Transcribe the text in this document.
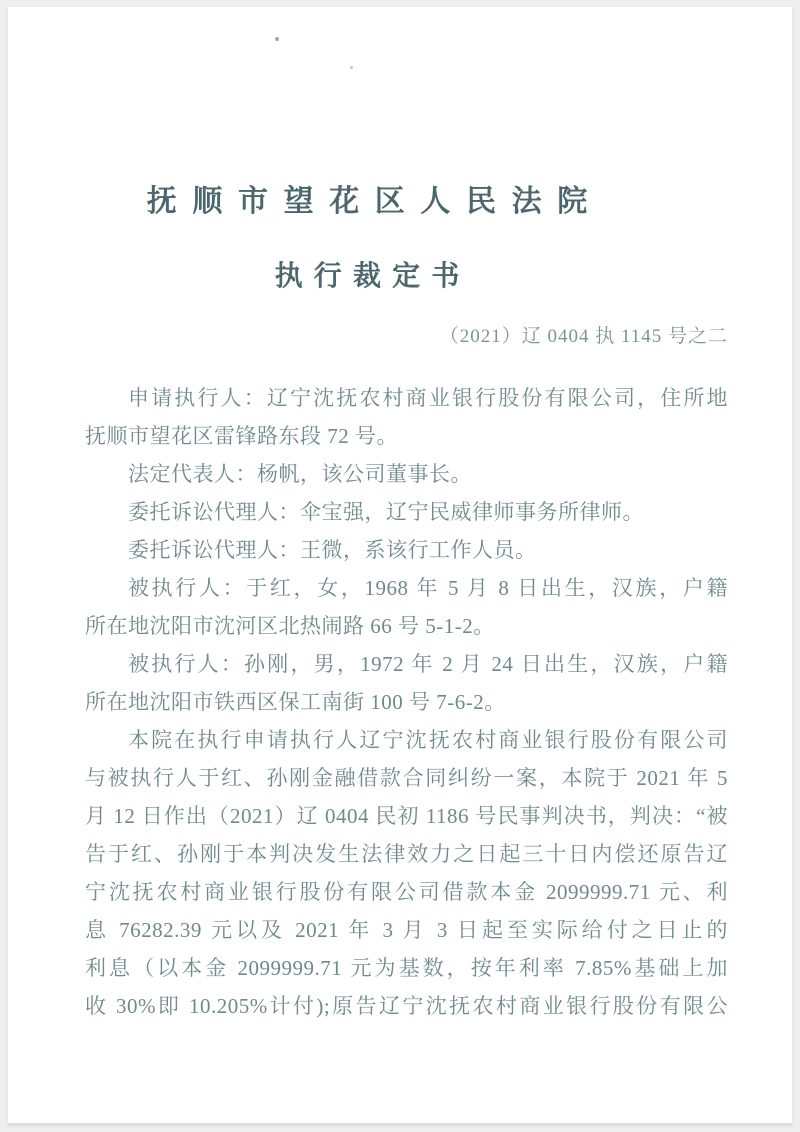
抚顺市望花区人民法院
执行裁定书
（2021）辽 0404 执 1145 号之二
申请执行人：辽宁沈抚农村商业银行股份有限公司，住所地
抚顺市望花区雷锋路东段 72 号。
法定代表人：杨帆，该公司董事长。
委托诉讼代理人：伞宝强，辽宁民威律师事务所律师。
委托诉讼代理人：王微，系该行工作人员。
被执行人：于红，女，1968 年 5 月 8 日出生，汉族，户籍
所在地沈阳市沈河区北热闹路 66 号 5-1-2。
被执行人：孙刚，男，1972 年 2 月 24 日出生，汉族，户籍
所在地沈阳市铁西区保工南街 100 号 7-6-2。
本院在执行申请执行人辽宁沈抚农村商业银行股份有限公司
与被执行人于红、孙刚金融借款合同纠纷一案，本院于 2021 年 5
月 12 日作出（2021）辽 0404 民初 1186 号民事判决书，判决：“被
告于红、孙刚于本判决发生法律效力之日起三十日内偿还原告辽
宁沈抚农村商业银行股份有限公司借款本金 2099999.71 元、利
息 76282.39 元以及 2021 年 3 月 3 日起至实际给付之日止的
利息（以本金 2099999.71 元为基数，按年利率 7.85%基础上加
收 30%即 10.205%计付);原告辽宁沈抚农村商业银行股份有限公
